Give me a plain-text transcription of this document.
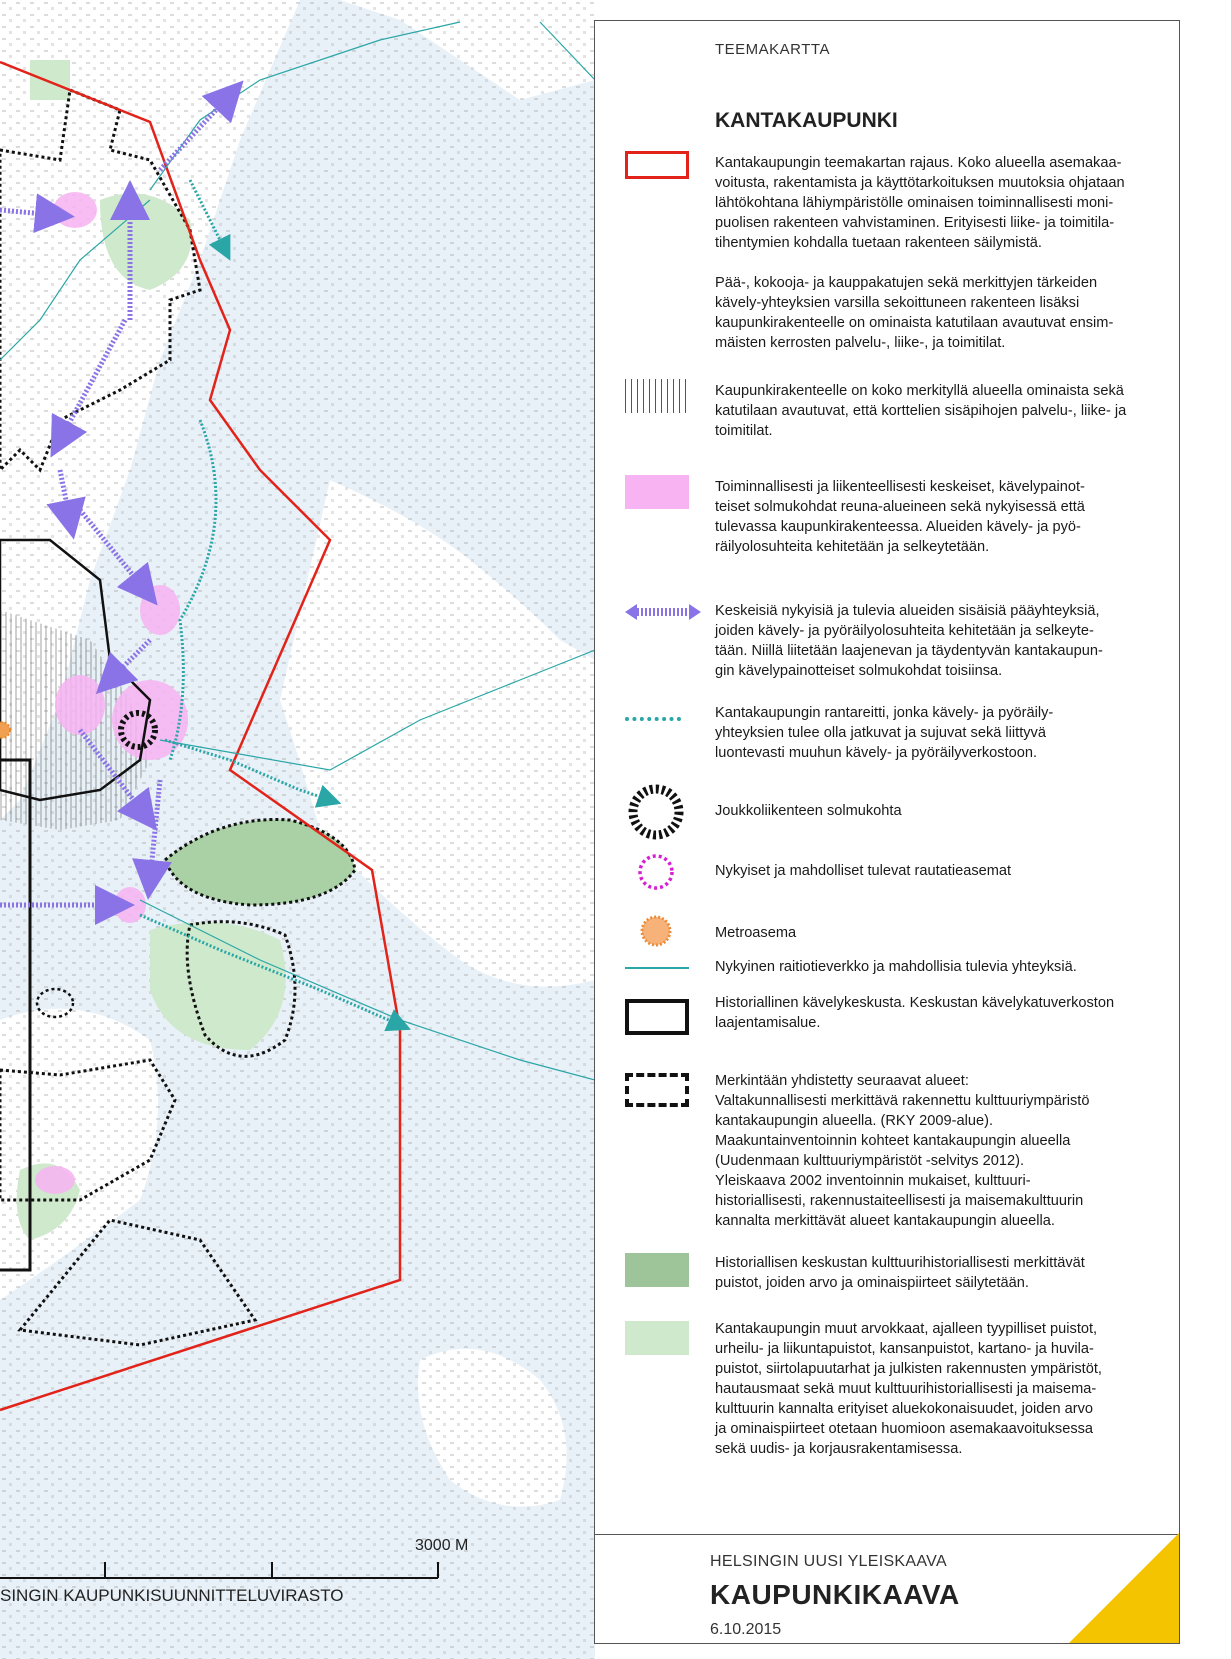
3000 M
SINGIN KAUPUNKISUUNNITTELUVIRASTO
TEEMAKARTTA
KANTAKAUPUNKI
Kantakaupungin teemakartan rajaus. Koko alueella asemakaa-
voitusta, rakentamista ja käyttötarkoituksen muutoksia ohjataan
lähtökohtana lähiympäristölle ominaisen toiminnallisesti moni-
puolisen rakenteen vahvistaminen. Erityisesti liike- ja toimitila-
tihentymien kohdalla tuetaan rakenteen säilymistä.

Pää-, kokooja- ja kauppakatujen sekä merkittyjen tärkeiden
kävely-yhteyksien varsilla sekoittuneen rakenteen lisäksi
kaupunkirakenteelle on ominaista katutilaan avautuvat ensim-
mäisten kerrosten palvelu-, liike-, ja toimitilat.
Kaupunkirakenteelle on koko merkityllä alueella ominaista sekä
katutilaan avautuvat, että korttelien sisäpihojen palvelu-, liike- ja
toimitilat.
Toiminnallisesti ja liikenteellisesti keskeiset, kävelypainot-
teiset solmukohdat reuna-alueineen sekä nykyisessä että
tulevassa kaupunkirakenteessa. Alueiden kävely- ja pyö-
räilyolosuhteita kehitetään ja selkeytetään.
Keskeisiä nykyisiä ja tulevia alueiden sisäisiä pääyhteyksiä,
joiden kävely- ja pyöräilyolosuhteita kehitetään ja selkeyte-
tään. Niillä liitetään laajenevan ja täydentyvän kantakaupun-
gin kävelypainotteiset solmukohdat toisiinsa.
Kantakaupungin rantareitti, jonka kävely- ja pyöräily-
yhteyksien tulee olla jatkuvat ja sujuvat sekä liittyvä
luontevasti muuhun kävely- ja pyöräilyverkostoon.
Joukkoliikenteen solmukohta
Nykyiset ja mahdolliset tulevat rautatieasemat
Metroasema
Nykyinen raitiotieverkko ja mahdollisia tulevia yhteyksiä.
Historiallinen kävelykeskusta. Keskustan kävelykatuverkoston
laajentamisalue.
Merkintään yhdistetty seuraavat alueet:
Valtakunnallisesti merkittävä rakennettu kulttuuriympäristö
kantakaupungin alueella. (RKY 2009-alue).
Maakuntainventoinnin kohteet kantakaupungin alueella
(Uudenmaan kulttuuriympäristöt -selvitys 2012).
Yleiskaava 2002 inventoinnin mukaiset, kulttuuri-
historiallisesti, rakennustaiteellisesti ja maisemakulttuurin
kannalta merkittävät alueet kantakaupungin alueella.
Historiallisen keskustan kulttuurihistoriallisesti merkittävät
puistot, joiden arvo ja ominaispiirteet säilytetään.
Kantakaupungin muut arvokkaat, ajalleen tyypilliset puistot,
urheilu- ja liikuntapuistot, kansanpuistot, kartano- ja huvila-
puistot, siirtolapuutarhat ja julkisten rakennusten ympäristöt,
hautausmaat sekä muut kulttuurihistoriallisesti ja maisema-
kulttuurin kannalta erityiset aluekokonaisuudet, joiden arvo
ja ominaispiirteet otetaan huomioon asemakaavoituksessa
sekä uudis- ja korjausrakentamisessa.
HELSINGIN UUSI YLEISKAAVA
KAUPUNKIKAAVA
6.10.2015
